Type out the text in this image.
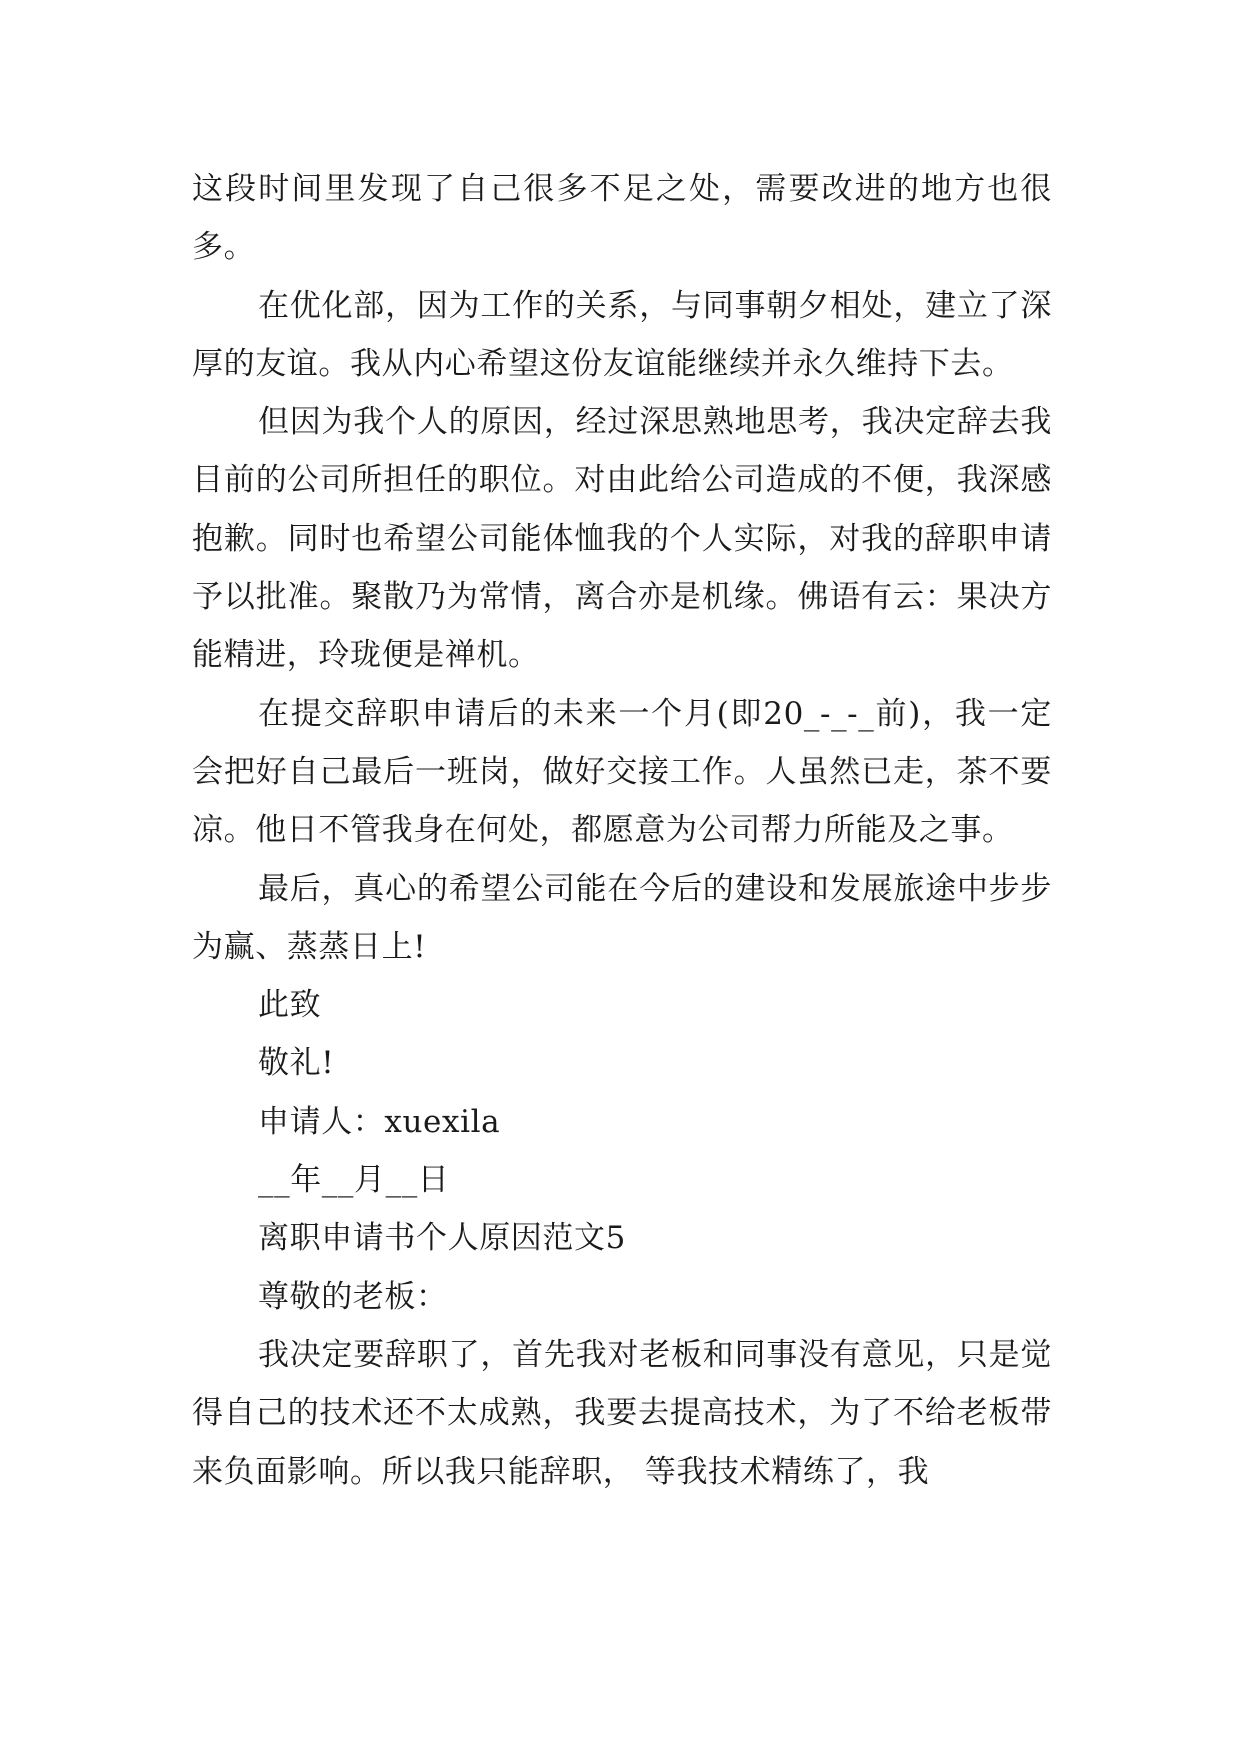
这段时间里发现了自己很多不足之处，需要改进的地方也很多。

在优化部，因为工作的关系，与同事朝夕相处，建立了深厚的友谊。我从内心希望这份友谊能继续并永久维持下去。

但因为我个人的原因，经过深思熟地思考，我决定辞去我目前的公司所担任的职位。对由此给公司造成的不便，我深感抱歉。同时也希望公司能体恤我的个人实际，对我的辞职申请予以批准。聚散乃为常情，离合亦是机缘。佛语有云：果决方能精进，玲珑便是禅机。

在提交辞职申请后的未来一个月(即20_-_-_前)，我一定会把好自己最后一班岗，做好交接工作。人虽然已走，茶不要凉。他日不管我身在何处，都愿意为公司帮力所能及之事。

最后，真心的希望公司能在今后的建设和发展旅途中步步为赢、蒸蒸日上!

此致

敬礼!

申请人：xuexila

__年__月__日

离职申请书个人原因范文5

尊敬的老板：

我决定要辞职了，首先我对老板和同事没有意见，只是觉得自己的技术还不太成熟，我要去提高技术，为了不给老板带来负面影响。所以我只能辞职， 等我技术精练了，我
